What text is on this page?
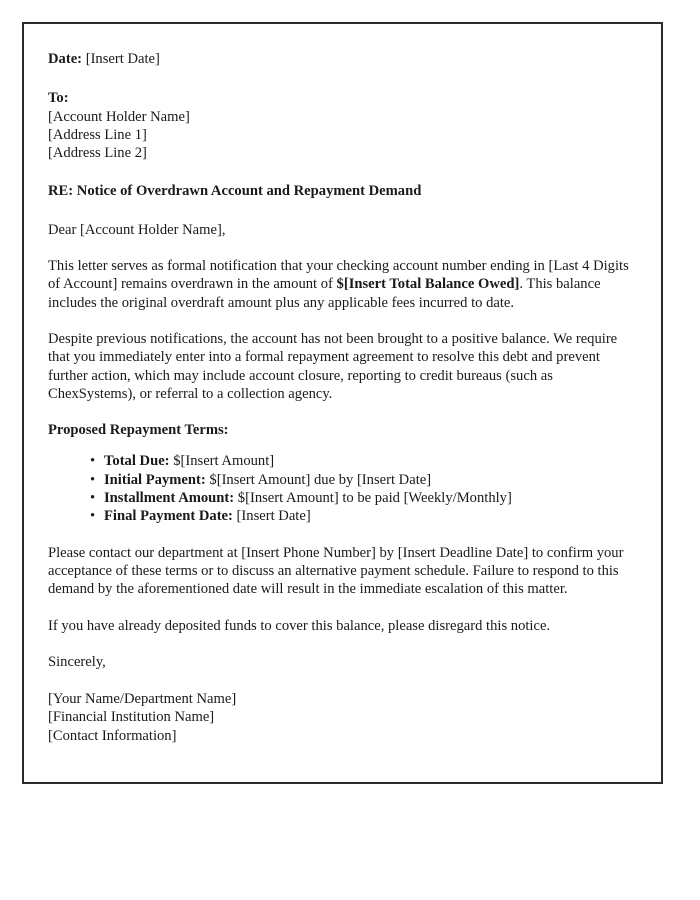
Date: [Insert Date]
To:
[Account Holder Name]
[Address Line 1]
[Address Line 2]
RE: Notice of Overdrawn Account and Repayment Demand
Dear [Account Holder Name],
This letter serves as formal notification that your checking account number ending in [Last 4 Digits of Account] remains overdrawn in the amount of $[Insert Total Balance Owed]. This balance includes the original overdraft amount plus any applicable fees incurred to date.
Despite previous notifications, the account has not been brought to a positive balance. We require that you immediately enter into a formal repayment agreement to resolve this debt and prevent further action, which may include account closure, reporting to credit bureaus (such as ChexSystems), or referral to a collection agency.
Proposed Repayment Terms:
• Total Due: $[Insert Amount]
• Initial Payment: $[Insert Amount] due by [Insert Date]
• Installment Amount: $[Insert Amount] to be paid [Weekly/Monthly]
• Final Payment Date: [Insert Date]
Please contact our department at [Insert Phone Number] by [Insert Deadline Date] to confirm your acceptance of these terms or to discuss an alternative payment schedule. Failure to respond to this demand by the aforementioned date will result in the immediate escalation of this matter.
If you have already deposited funds to cover this balance, please disregard this notice.
Sincerely,
[Your Name/Department Name]
[Financial Institution Name]
[Contact Information]
